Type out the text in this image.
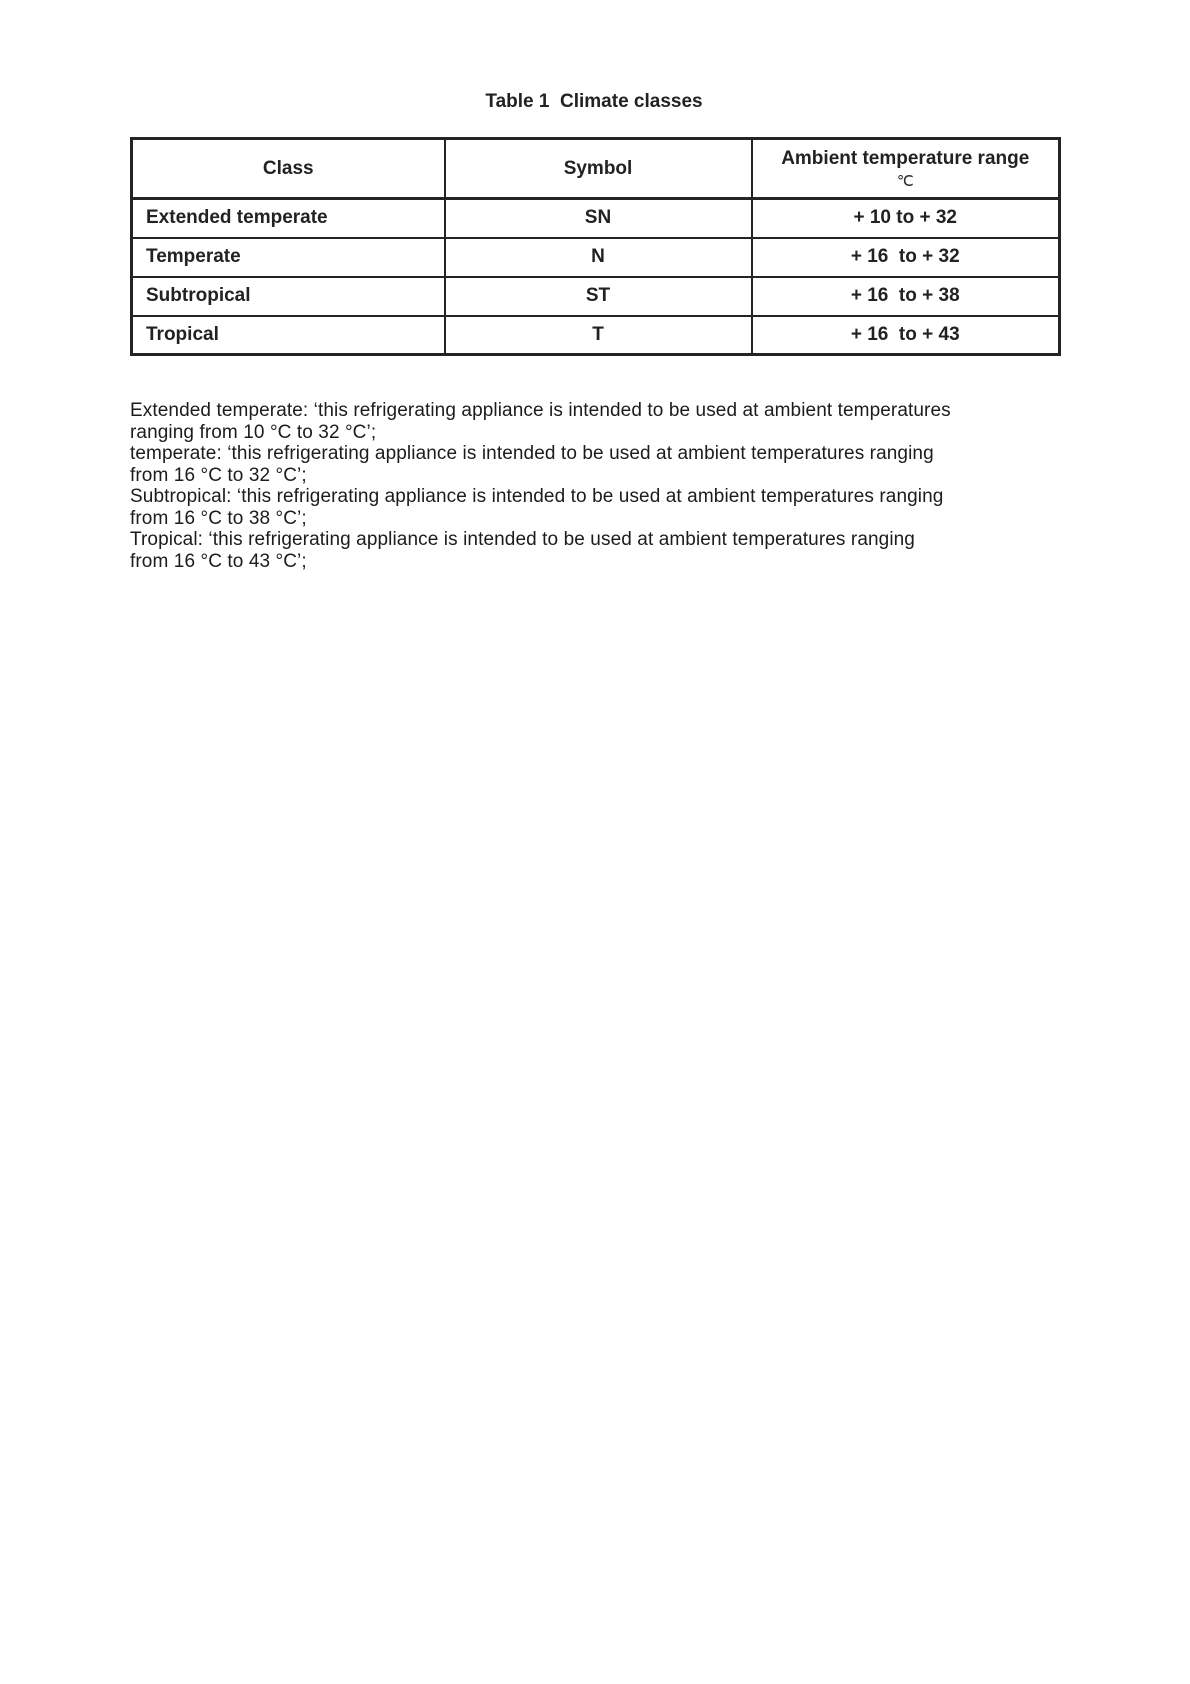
Table 1  Climate classes
Class	Symbol	Ambient temperature range
℃

Extended temperate	SN	+ 10 to + 32
Temperate	N	+ 16  to + 32
Subtropical	ST	+ 16  to + 38
Tropical	T	+ 16  to + 43
Extended temperate: ‘this refrigerating appliance is intended to be used at ambient temperatures
ranging from 10 °C to 32 °C’;
temperate: ‘this refrigerating appliance is intended to be used at ambient temperatures ranging
from 16 °C to 32 °C’;
Subtropical: ‘this refrigerating appliance is intended to be used at ambient temperatures ranging
from 16 °C to 38 °C’;
Tropical: ‘this refrigerating appliance is intended to be used at ambient temperatures ranging
from 16 °C to 43 °C’;
